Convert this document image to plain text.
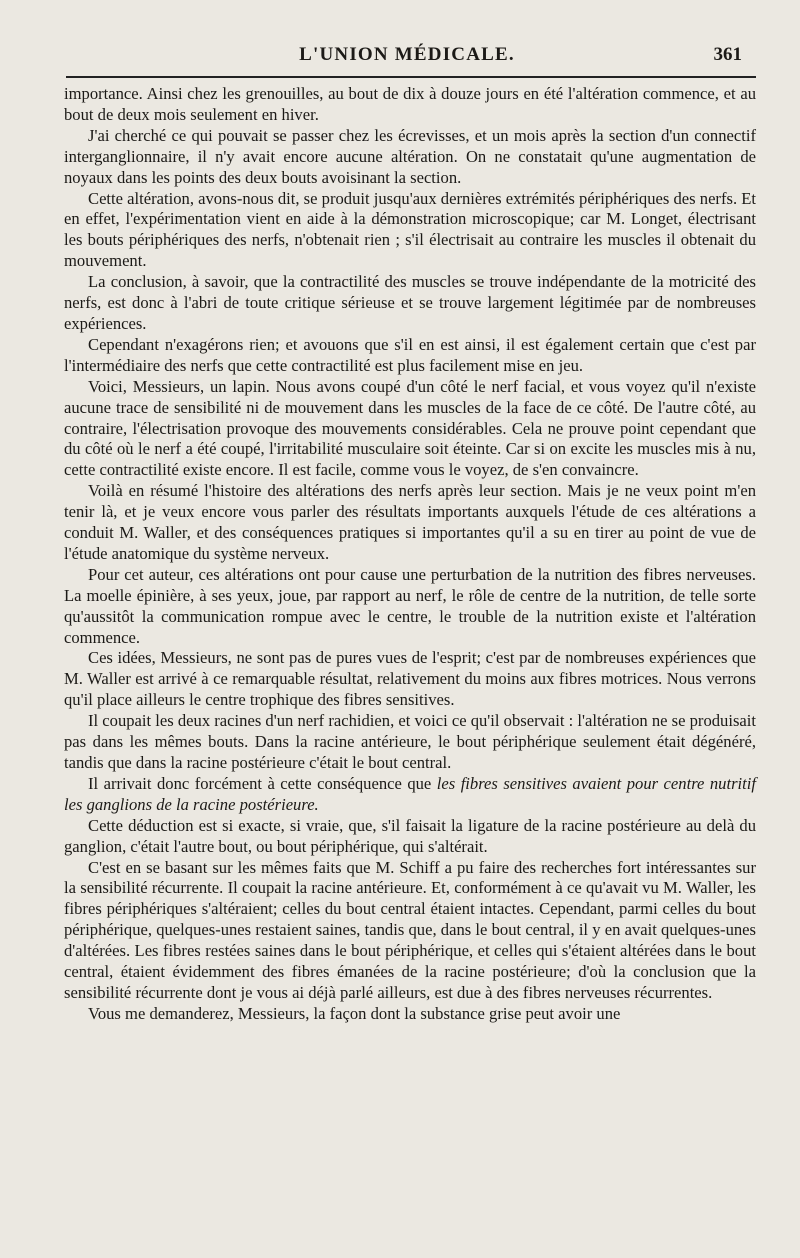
L'UNION MÉDICALE.	361

importance. Ainsi chez les grenouilles, au bout de dix à douze jours en été l'altération commence, et au bout de deux mois seulement en hiver.

J'ai cherché ce qui pouvait se passer chez les écrevisses, et un mois après la section d'un connectif interganglionnaire, il n'y avait encore aucune altération. On ne constatait qu'une augmentation de noyaux dans les points des deux bouts avoisinant la section.

Cette altération, avons-nous dit, se produit jusqu'aux dernières extrémités périphériques des nerfs. Et en effet, l'expérimentation vient en aide à la démonstration microscopique; car M. Longet, électrisant les bouts périphériques des nerfs, n'obtenait rien ; s'il électrisait au contraire les muscles il obtenait du mouvement.

La conclusion, à savoir, que la contractilité des muscles se trouve indépendante de la motricité des nerfs, est donc à l'abri de toute critique sérieuse et se trouve largement légitimée par de nombreuses expériences.

Cependant n'exagérons rien; et avouons que s'il en est ainsi, il est également certain que c'est par l'intermédiaire des nerfs que cette contractilité est plus facilement mise en jeu.

Voici, Messieurs, un lapin. Nous avons coupé d'un côté le nerf facial, et vous voyez qu'il n'existe aucune trace de sensibilité ni de mouvement dans les muscles de la face de ce côté. De l'autre côté, au contraire, l'électrisation provoque des mouvements considérables. Cela ne prouve point cependant que du côté où le nerf a été coupé, l'irritabilité musculaire soit éteinte. Car si on excite les muscles mis à nu, cette contractilité existe encore. Il est facile, comme vous le voyez, de s'en convaincre.

Voilà en résumé l'histoire des altérations des nerfs après leur section. Mais je ne veux point m'en tenir là, et je veux encore vous parler des résultats importants auxquels l'étude de ces altérations a conduit M. Waller, et des conséquences pratiques si importantes qu'il a su en tirer au point de vue de l'étude anatomique du système nerveux.

Pour cet auteur, ces altérations ont pour cause une perturbation de la nutrition des fibres nerveuses. La moelle épinière, à ses yeux, joue, par rapport au nerf, le rôle de centre de la nutrition, de telle sorte qu'aussitôt la communication rompue avec le centre, le trouble de la nutrition existe et l'altération commence.

Ces idées, Messieurs, ne sont pas de pures vues de l'esprit; c'est par de nombreuses expériences que M. Waller est arrivé à ce remarquable résultat, relativement du moins aux fibres motrices. Nous verrons qu'il place ailleurs le centre trophique des fibres sensitives.

Il coupait les deux racines d'un nerf rachidien, et voici ce qu'il observait : l'altération ne se produisait pas dans les mêmes bouts. Dans la racine antérieure, le bout périphérique seulement était dégénéré, tandis que dans la racine postérieure c'était le bout central.

Il arrivait donc forcément à cette conséquence que les fibres sensitives avaient pour centre nutritif les ganglions de la racine postérieure.

Cette déduction est si exacte, si vraie, que, s'il faisait la ligature de la racine postérieure au delà du ganglion, c'était l'autre bout, ou bout périphérique, qui s'altérait.

C'est en se basant sur les mêmes faits que M. Schiff a pu faire des recherches fort intéressantes sur la sensibilité récurrente. Il coupait la racine antérieure. Et, conformément à ce qu'avait vu M. Waller, les fibres périphériques s'altéraient; celles du bout central étaient intactes. Cependant, parmi celles du bout périphérique, quelques-unes restaient saines, tandis que, dans le bout central, il y en avait quelques-unes d'altérées. Les fibres restées saines dans le bout périphérique, et celles qui s'étaient altérées dans le bout central, étaient évidemment des fibres émanées de la racine postérieure; d'où la conclusion que la sensibilité récurrente dont je vous ai déjà parlé ailleurs, est due à des fibres nerveuses récurrentes.

Vous me demanderez, Messieurs, la façon dont la substance grise peut avoir une
